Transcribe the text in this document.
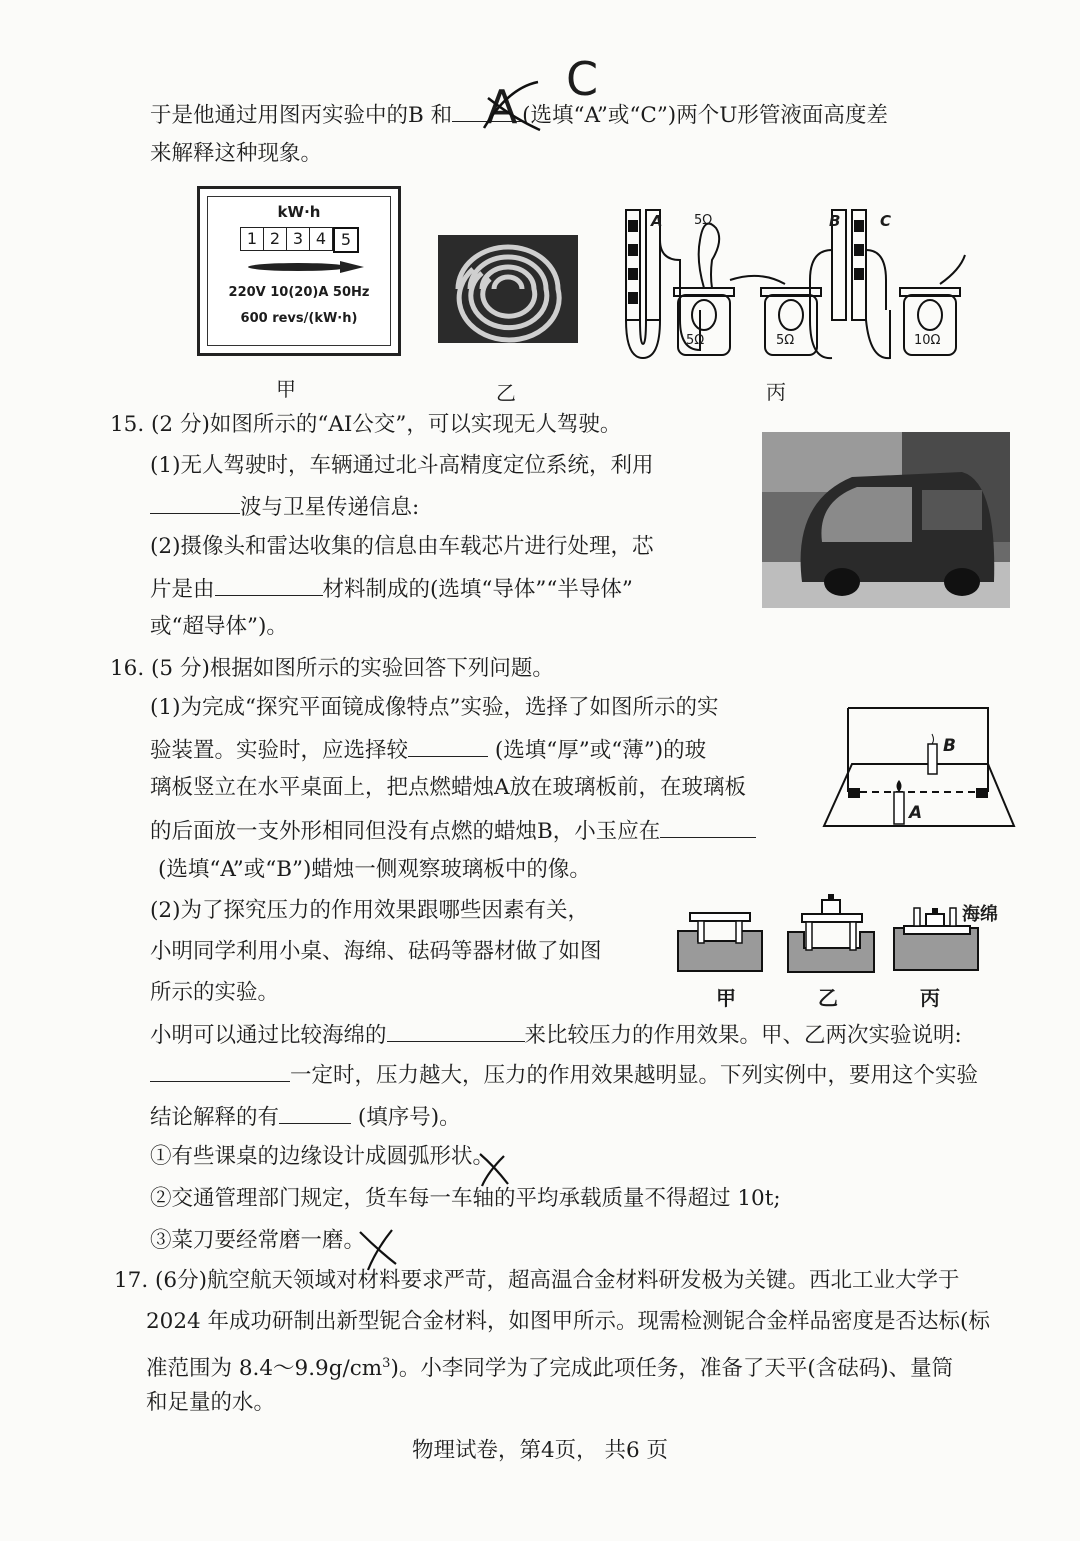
于是他通过用图丙实验中的B 和	(选填“A”或“C”)两个U形管液面高度差
C
A
来解释这种现象。
kW·h
1 2 3 4 5
220V 10(20)A 50Hz
600 revs/(kW·h)
甲	乙
A	B	C
5Ω
5Ω	5Ω	10Ω
丙
15. (2 分)如图所示的“AI公交”，可以实现无人驾驶。
(1)无人驾驶时，车辆通过北斗高精度定位系统，利用
波与卫星传递信息:
(2)摄像头和雷达收集的信息由车载芯片进行处理，芯
片是由	材料制成的(选填“导体”“半导体”
或“超导体”)。
16. (5 分)根据如图所示的实验回答下列问题。
(1)为完成“探究平面镜成像特点”实验，选择了如图所示的实
验装置。实验时，应选择较	(选填“厚”或“薄”)的玻
璃板竖立在水平桌面上，把点燃蜡烛A放在玻璃板前，在玻璃板
的后面放一支外形相同但没有点燃的蜡烛B，小玉应在
(选填“A”或“B”)蜡烛一侧观察玻璃板中的像。
B
A
(2)为了探究压力的作用效果跟哪些因素有关，
小明同学利用小桌、海绵、砝码等器材做了如图
所示的实验。
海绵
甲	乙	丙
小明可以通过比较海绵的	来比较压力的作用效果。甲、乙两次实验说明:
一定时，压力越大，压力的作用效果越明显。下列实例中，要用这个实验
结论解释的有	(填序号)。
①有些课桌的边缘设计成圆弧形状。
②交通管理部门规定，货车每一车轴的平均承载质量不得超过 10t;
③菜刀要经常磨一磨。
17. (6分)航空航天领域对材料要求严苛，超高温合金材料研发极为关键。西北工业大学于
2024 年成功研制出新型铌合金材料，如图甲所示。现需检测铌合金样品密度是否达标(标
准范围为 $8.4\sim 9.9g/cm^3$)。小李同学为了完成此项任务，准备了天平(含砝码)、量筒
和足量的水。
物理试卷，第4页， 共6 页
